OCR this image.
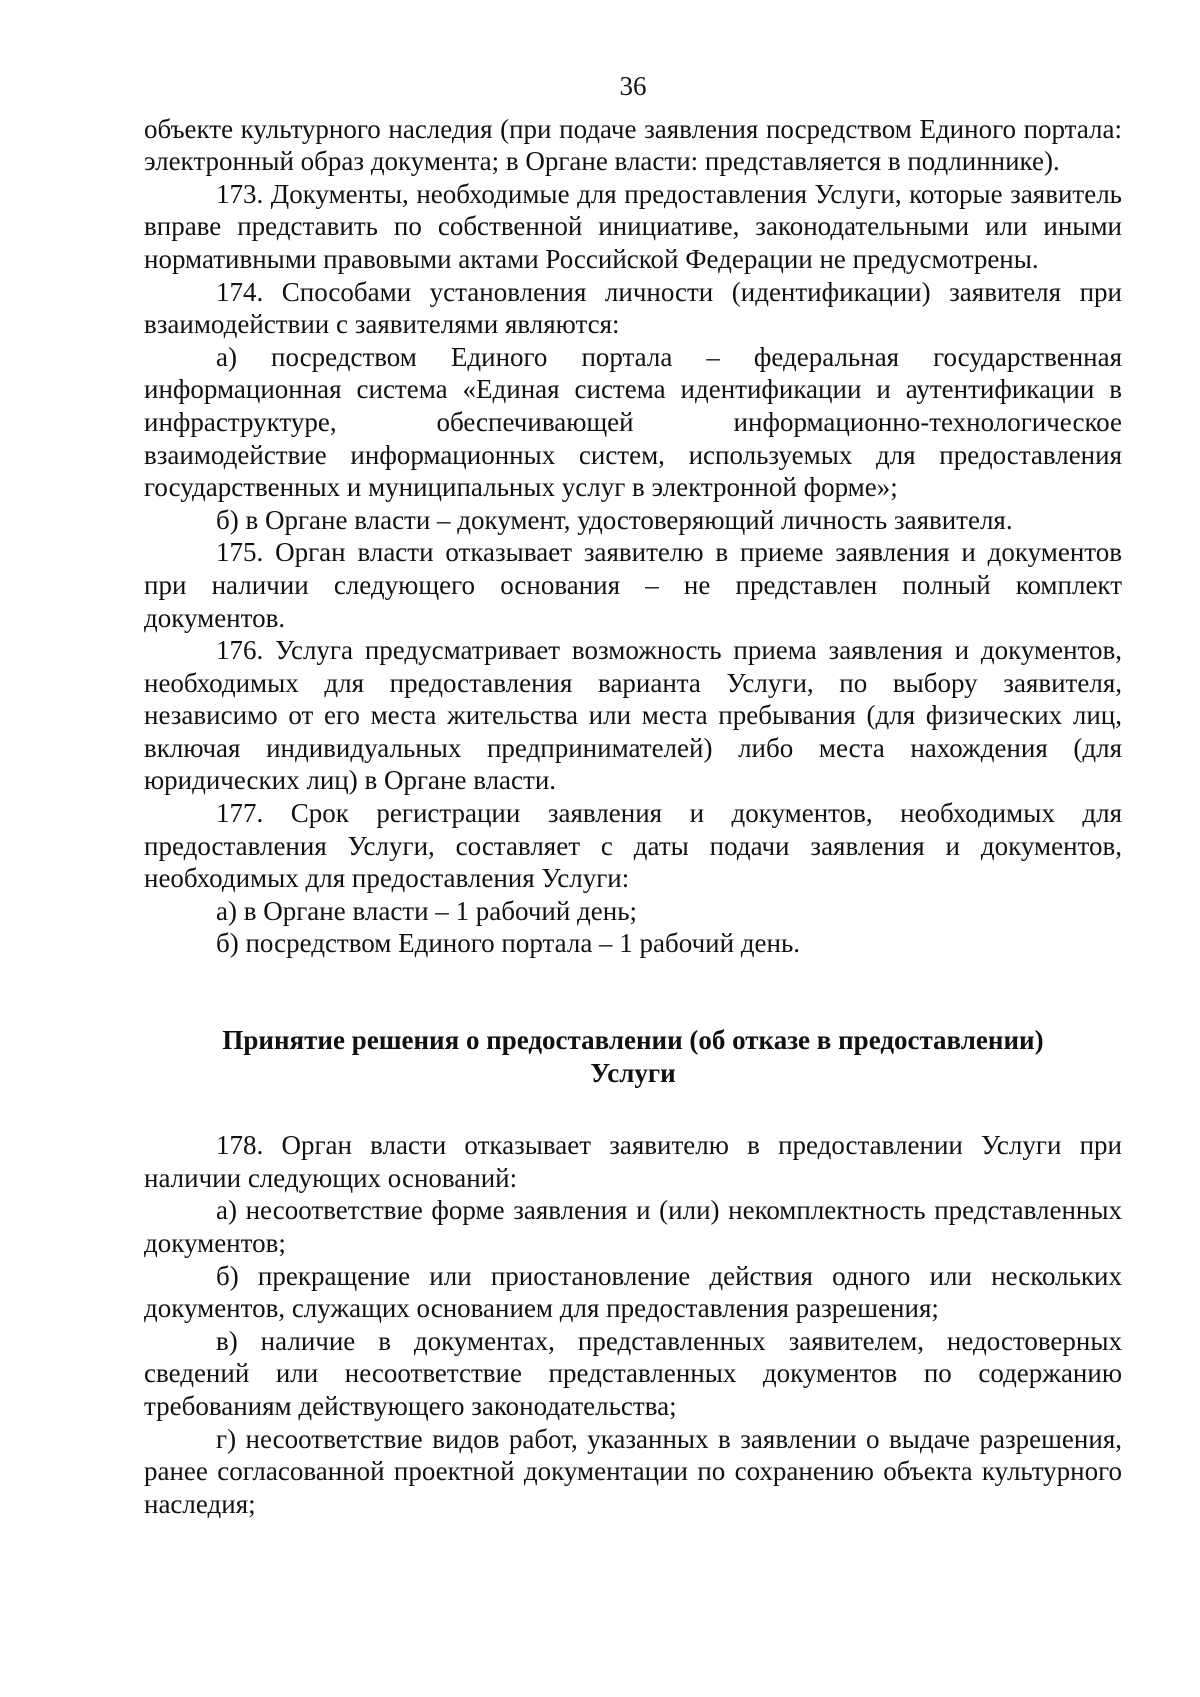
36

объекте культурного наследия (при подаче заявления посредством Единого портала: электронный образ документа; в Органе власти: представляется в подлиннике).

173. Документы, необходимые для предоставления Услуги, которые заявитель вправе представить по собственной инициативе, законодательными или иными нормативными правовыми актами Российской Федерации не предусмотрены.

174. Способами установления личности (идентификации) заявителя при взаимодействии с заявителями являются:

а) посредством Единого портала – федеральная государственная информационная система «Единая система идентификации и аутентификации в инфраструктуре, обеспечивающей информационно-технологическое взаимодействие информационных систем, используемых для предоставления государственных и муниципальных услуг в электронной форме»;

б) в Органе власти – документ, удостоверяющий личность заявителя.

175. Орган власти отказывает заявителю в приеме заявления и документов при наличии следующего основания – не представлен полный комплект документов.

176. Услуга предусматривает возможность приема заявления и документов, необходимых для предоставления варианта Услуги, по выбору заявителя, независимо от его места жительства или места пребывания (для физических лиц, включая индивидуальных предпринимателей) либо места нахождения (для юридических лиц) в Органе власти.

177. Срок регистрации заявления и документов, необходимых для предоставления Услуги, составляет с даты подачи заявления и документов, необходимых для предоставления Услуги:

а) в Органе власти – 1 рабочий день;

б) посредством Единого портала – 1 рабочий день.

Принятие решения о предоставлении (об отказе в предоставлении) Услуги

178. Орган власти отказывает заявителю в предоставлении Услуги при наличии следующих оснований:

а) несоответствие форме заявления и (или) некомплектность представленных документов;

б) прекращение или приостановление действия одного или нескольких документов, служащих основанием для предоставления разрешения;

в) наличие в документах, представленных заявителем, недостоверных сведений или несоответствие представленных документов по содержанию требованиям действующего законодательства;

г) несоответствие видов работ, указанных в заявлении о выдаче разрешения, ранее согласованной проектной документации по сохранению объекта культурного наследия;
